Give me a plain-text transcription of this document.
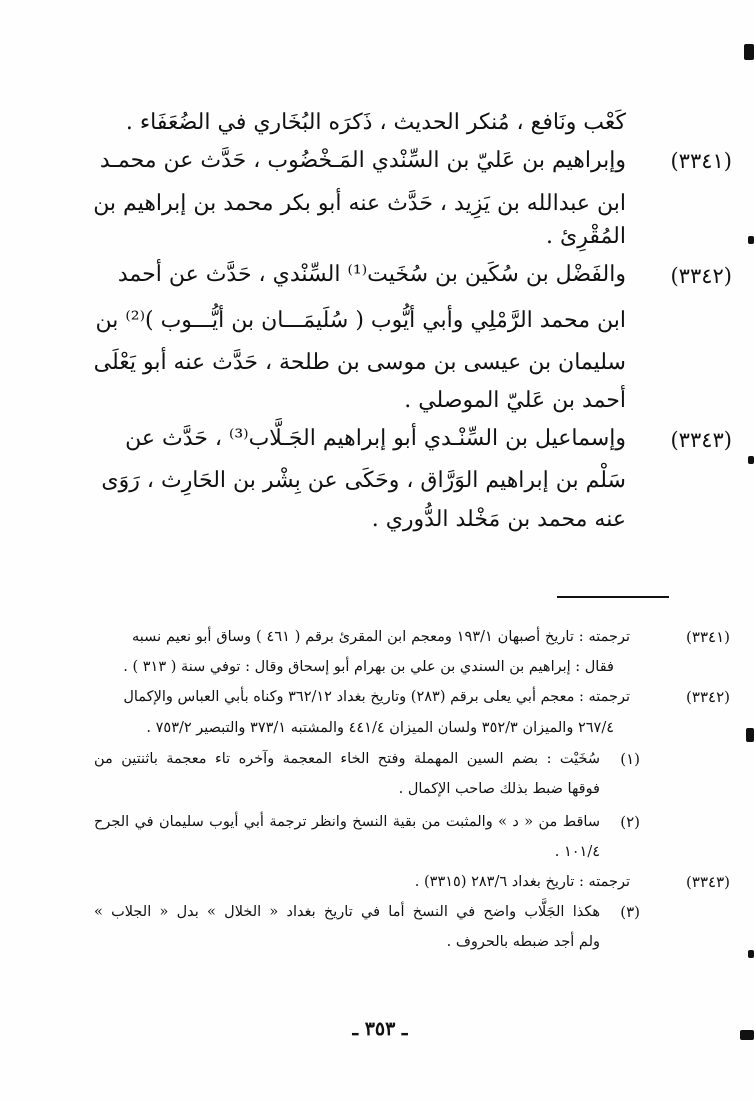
كَعْب ونَافع ، مُنكر الحديث ، ذَكرَه البُخَاري في الضُعَفَاء .
(٣٣٤١)
وإبراهيم بن عَليّ بن السِّنْدي المَـخْضُوب ، حَدَّث عن محمـد
ابن عبدالله بن يَزِيد ، حَدَّث عنه أبو بكر محمد بن إبراهيم بن
المُقْرِئ .
(٣٣٤٢)
والفَضْل بن سُكَين بن سُخَيت⁽¹⁾ السِّنْدي ، حَدَّث عن أحمد
ابن محمد الرَّمْلِي وأبي أيُّوب ( سُلَيمَـــان بن أيُّـــوب )⁽²⁾ بن
سليمان بن عيسى بن موسى بن طلحة ، حَدَّث عنه أبو يَعْلَى
أحمد بن عَليّ الموصلي .
(٣٣٤٣)
وإسماعيل بن السِّنْـدي أبو إبراهيم الجَـلَّاب⁽³⁾ ، حَدَّث عن
سَلْم بن إبراهيم الوَرَّاق ، وحَكَى عن بِشْر بن الحَارِث ، رَوَى
عنه محمد بن مَخْلد الدُّوري .
(٣٣٤١)
ترجمته : تاريخ أصبهان ١٩٣/١ ومعجم ابن المقرئ برقم ( ٤٦١ ) وساق أبو نعيم نسبه
فقال : إبراهيم بن السندي بن علي بن بهرام أبو إسحاق وقال : توفي سنة ( ٣١٣ ) .
(٣٣٤٢)
ترجمته : معجم أبي يعلى برقم (٢٨٣) وتاريخ بغداد ٣٦٢/١٢ وكناه بأبي العباس والإكمال
٢٦٧/٤ والميزان ٣٥٢/٣ ولسان الميزان ٤٤١/٤ والمشتبه ٣٧٣/١ والتبصير ٧٥٣/٢ .
(١)
سُخَيْت : بضم السين المهملة وفتح الخاء المعجمة وآخره تاء معجمة باثنتين من
فوقها ضبط بذلك صاحب الإكمال .
(٢)
ساقط من « د » والمثبت من بقية النسخ وانظر ترجمة أبي أيوب سليمان في الجرح
١٠١/٤ .
(٣٣٤٣)
ترجمته : تاريخ بغداد ٢٨٣/٦ (٣٣١٥) .
(٣)
هكذا الجَلَّاب واضح في النسخ أما في تاريخ بغداد « الخلال » بدل « الجلاب »
ولم أجد ضبطه بالحروف .
ـ ٣٥٣ ـ
